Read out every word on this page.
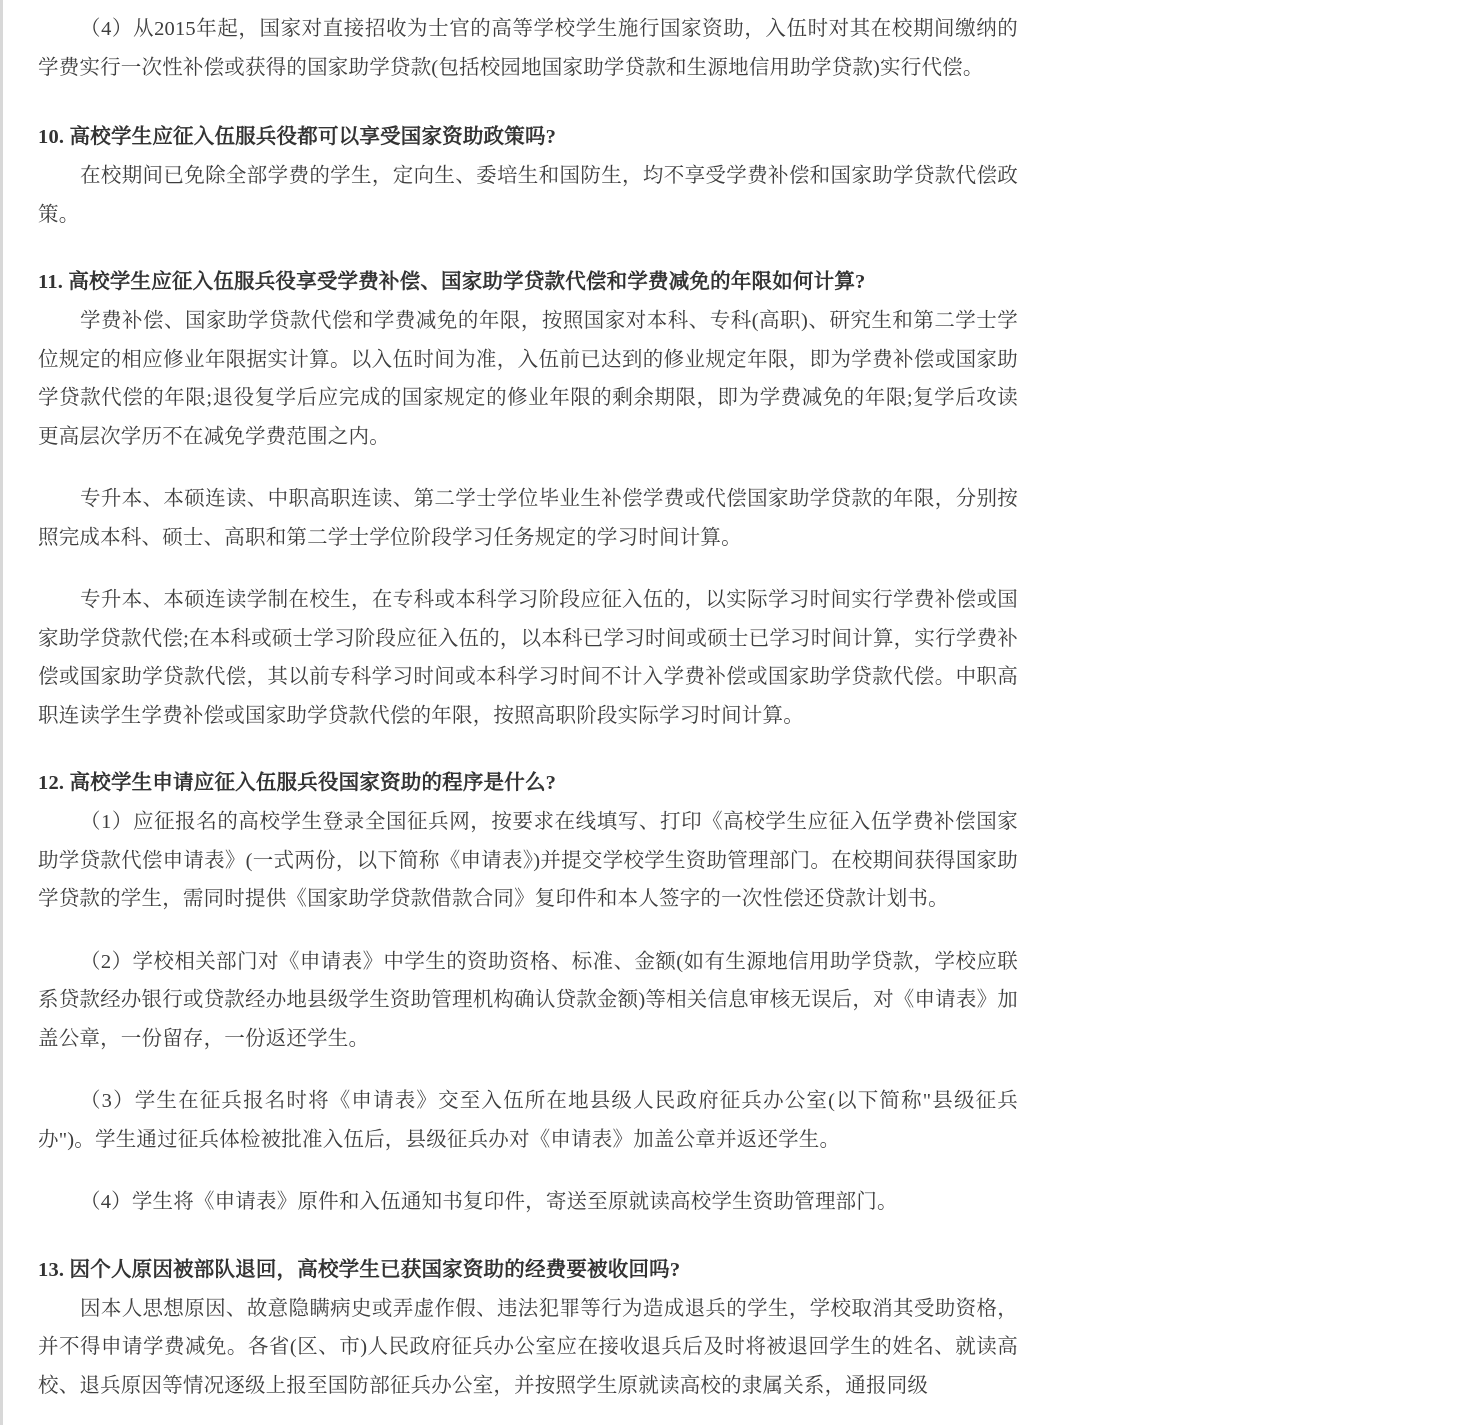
（4）从2015年起，国家对直接招收为士官的高等学校学生施行国家资助，入伍时对其在校期间缴纳的学费实行一次性补偿或获得的国家助学贷款(包括校园地国家助学贷款和生源地信用助学贷款)实行代偿。

10. 高校学生应征入伍服兵役都可以享受国家资助政策吗?

在校期间已免除全部学费的学生，定向生、委培生和国防生，均不享受学费补偿和国家助学贷款代偿政策。

11. 高校学生应征入伍服兵役享受学费补偿、国家助学贷款代偿和学费减免的年限如何计算?

学费补偿、国家助学贷款代偿和学费减免的年限，按照国家对本科、专科(高职)、研究生和第二学士学位规定的相应修业年限据实计算。以入伍时间为准，入伍前已达到的修业规定年限，即为学费补偿或国家助学贷款代偿的年限;退役复学后应完成的国家规定的修业年限的剩余期限，即为学费减免的年限;复学后攻读更高层次学历不在减免学费范围之内。

专升本、本硕连读、中职高职连读、第二学士学位毕业生补偿学费或代偿国家助学贷款的年限，分别按照完成本科、硕士、高职和第二学士学位阶段学习任务规定的学习时间计算。

专升本、本硕连读学制在校生，在专科或本科学习阶段应征入伍的，以实际学习时间实行学费补偿或国家助学贷款代偿;在本科或硕士学习阶段应征入伍的，以本科已学习时间或硕士已学习时间计算，实行学费补偿或国家助学贷款代偿，其以前专科学习时间或本科学习时间不计入学费补偿或国家助学贷款代偿。中职高职连读学生学费补偿或国家助学贷款代偿的年限，按照高职阶段实际学习时间计算。

12. 高校学生申请应征入伍服兵役国家资助的程序是什么?

（1）应征报名的高校学生登录全国征兵网，按要求在线填写、打印《高校学生应征入伍学费补偿国家助学贷款代偿申请表》(一式两份，以下简称《申请表》)并提交学校学生资助管理部门。在校期间获得国家助学贷款的学生，需同时提供《国家助学贷款借款合同》复印件和本人签字的一次性偿还贷款计划书。

（2）学校相关部门对《申请表》中学生的资助资格、标准、金额(如有生源地信用助学贷款，学校应联系贷款经办银行或贷款经办地县级学生资助管理机构确认贷款金额)等相关信息审核无误后，对《申请表》加盖公章，一份留存，一份返还学生。

（3）学生在征兵报名时将《申请表》交至入伍所在地县级人民政府征兵办公室(以下简称"县级征兵办")。学生通过征兵体检被批准入伍后，县级征兵办对《申请表》加盖公章并返还学生。

（4）学生将《申请表》原件和入伍通知书复印件，寄送至原就读高校学生资助管理部门。

13. 因个人原因被部队退回，高校学生已获国家资助的经费要被收回吗?

因本人思想原因、故意隐瞒病史或弄虚作假、违法犯罪等行为造成退兵的学生，学校取消其受助资格，并不得申请学费减免。各省(区、市)人民政府征兵办公室应在接收退兵后及时将被退回学生的姓名、就读高校、退兵原因等情况逐级上报至国防部征兵办公室，并按照学生原就读高校的隶属关系，通报同级
